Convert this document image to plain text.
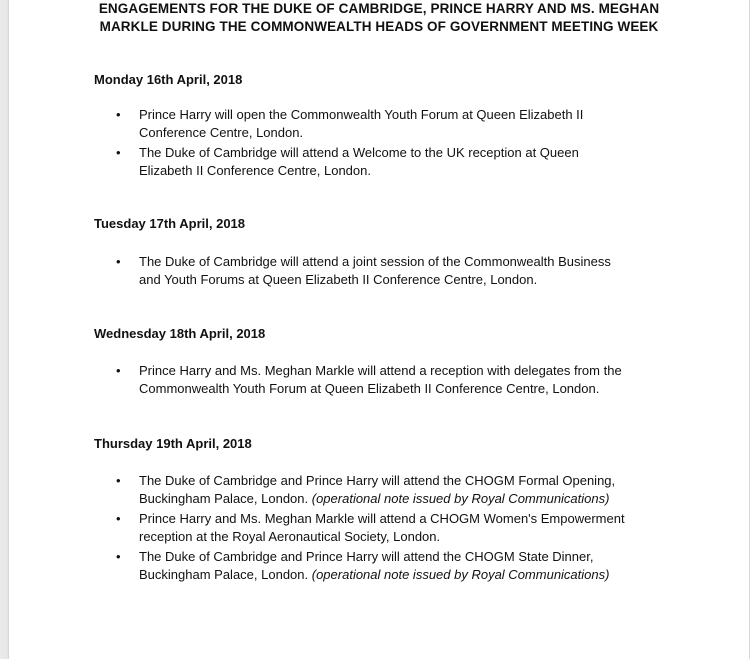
ENGAGEMENTS FOR THE DUKE OF CAMBRIDGE, PRINCE HARRY AND MS. MEGHAN
MARKLE DURING THE COMMONWEALTH HEADS OF GOVERNMENT MEETING WEEK
Monday 16th April, 2018
• Prince Harry will open the Commonwealth Youth Forum at Queen Elizabeth II
Conference Centre, London.
• The Duke of Cambridge will attend a Welcome to the UK reception at Queen
Elizabeth II Conference Centre, London.
Tuesday 17th April, 2018
• The Duke of Cambridge will attend a joint session of the Commonwealth Business
and Youth Forums at Queen Elizabeth II Conference Centre, London.
Wednesday 18th April, 2018
• Prince Harry and Ms. Meghan Markle will attend a reception with delegates from the
Commonwealth Youth Forum at Queen Elizabeth II Conference Centre, London.
Thursday 19th April, 2018
• The Duke of Cambridge and Prince Harry will attend the CHOGM Formal Opening,
Buckingham Palace, London. (operational note issued by Royal Communications)
• Prince Harry and Ms. Meghan Markle will attend a CHOGM Women's Empowerment
reception at the Royal Aeronautical Society, London.
• The Duke of Cambridge and Prince Harry will attend the CHOGM State Dinner,
Buckingham Palace, London. (operational note issued by Royal Communications)
